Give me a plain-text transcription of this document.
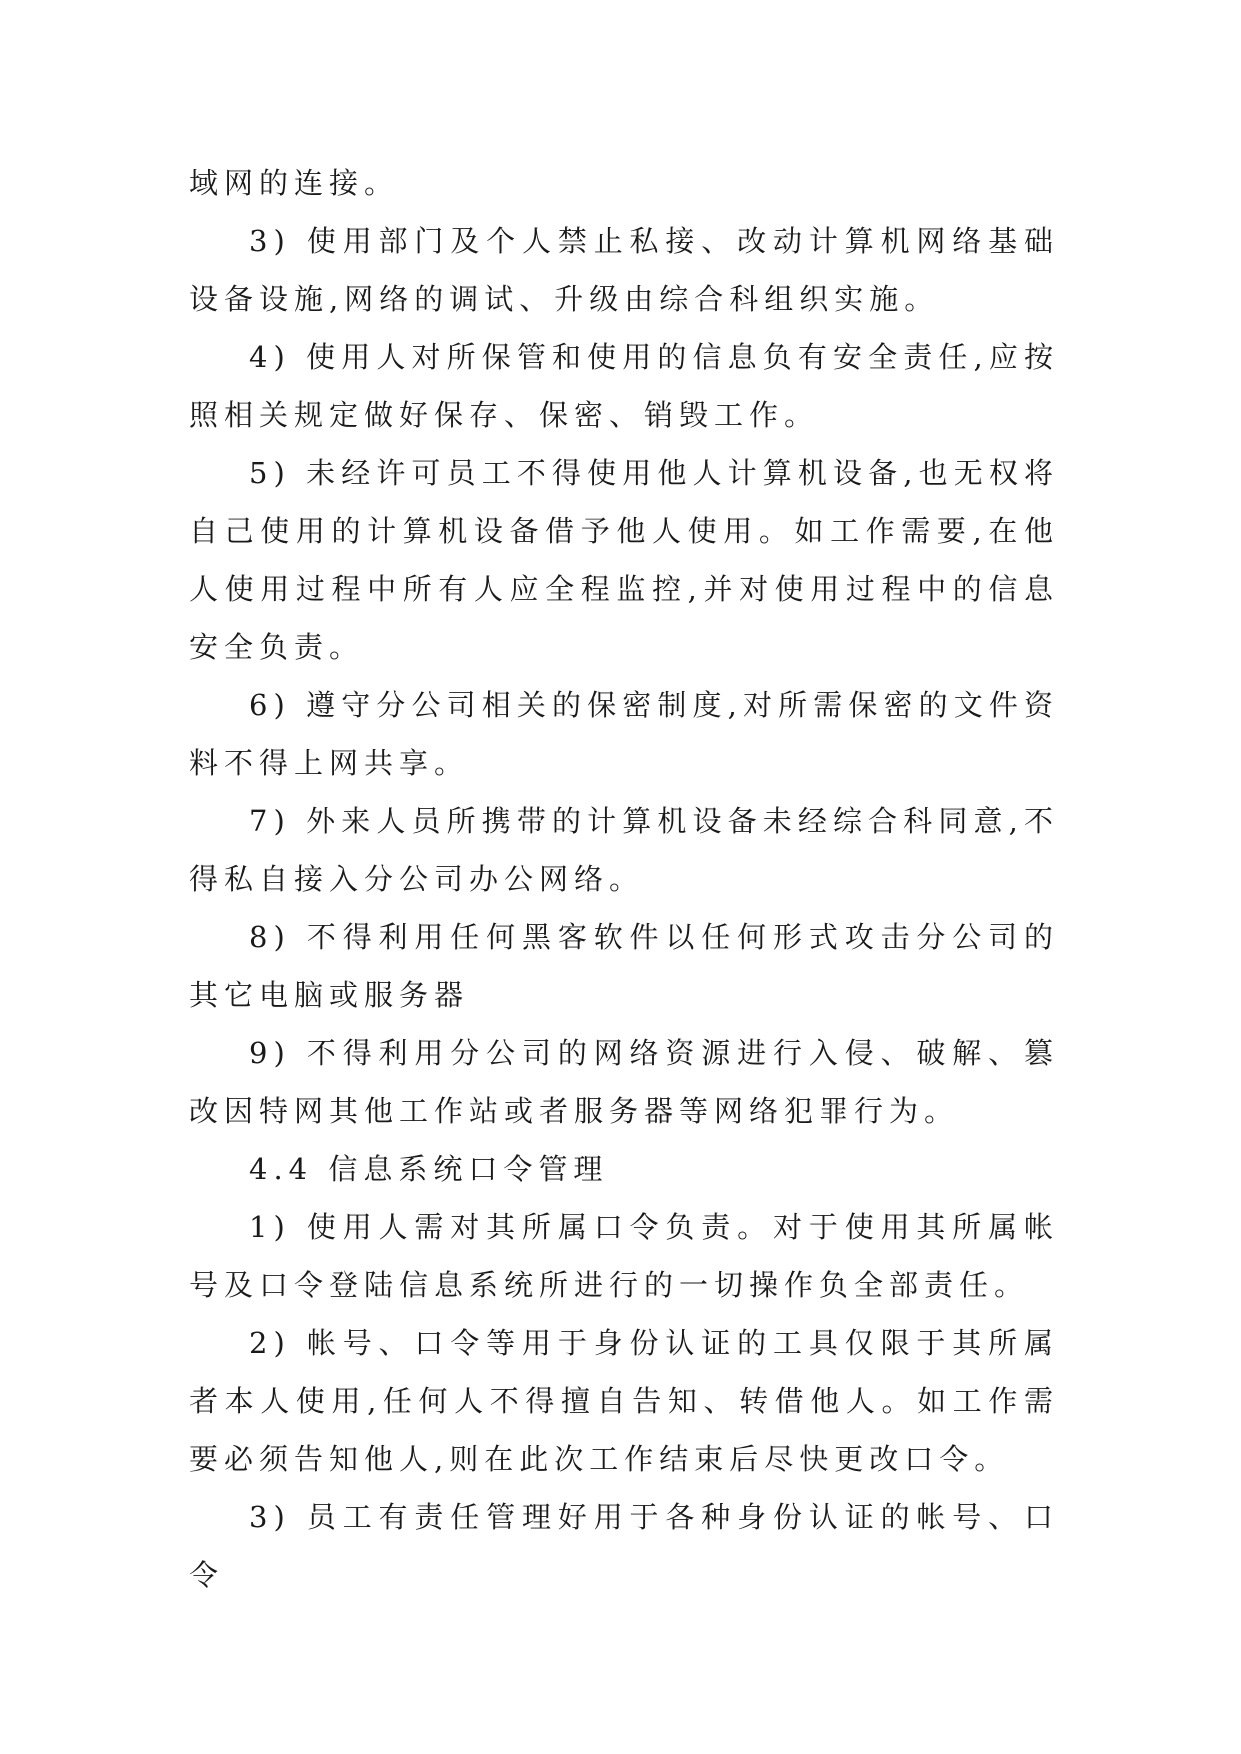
域网的连接。

3) 使用部门及个人禁止私接、改动计算机网络基础设备设施,网络的调试、升级由综合科组织实施。

4) 使用人对所保管和使用的信息负有安全责任,应按照相关规定做好保存、保密、销毁工作。

5) 未经许可员工不得使用他人计算机设备,也无权将自己使用的计算机设备借予他人使用。如工作需要,在他人使用过程中所有人应全程监控,并对使用过程中的信息安全负责。

6) 遵守分公司相关的保密制度,对所需保密的文件资料不得上网共享。

7) 外来人员所携带的计算机设备未经综合科同意,不得私自接入分公司办公网络。

8) 不得利用任何黑客软件以任何形式攻击分公司的其它电脑或服务器

9) 不得利用分公司的网络资源进行入侵、破解、篡改因特网其他工作站或者服务器等网络犯罪行为。

4.4 信息系统口令管理

1) 使用人需对其所属口令负责。对于使用其所属帐号及口令登陆信息系统所进行的一切操作负全部责任。

2) 帐号、口令等用于身份认证的工具仅限于其所属者本人使用,任何人不得擅自告知、转借他人。如工作需要必须告知他人,则在此次工作结束后尽快更改口令。

3) 员工有责任管理好用于各种身份认证的帐号、口令
